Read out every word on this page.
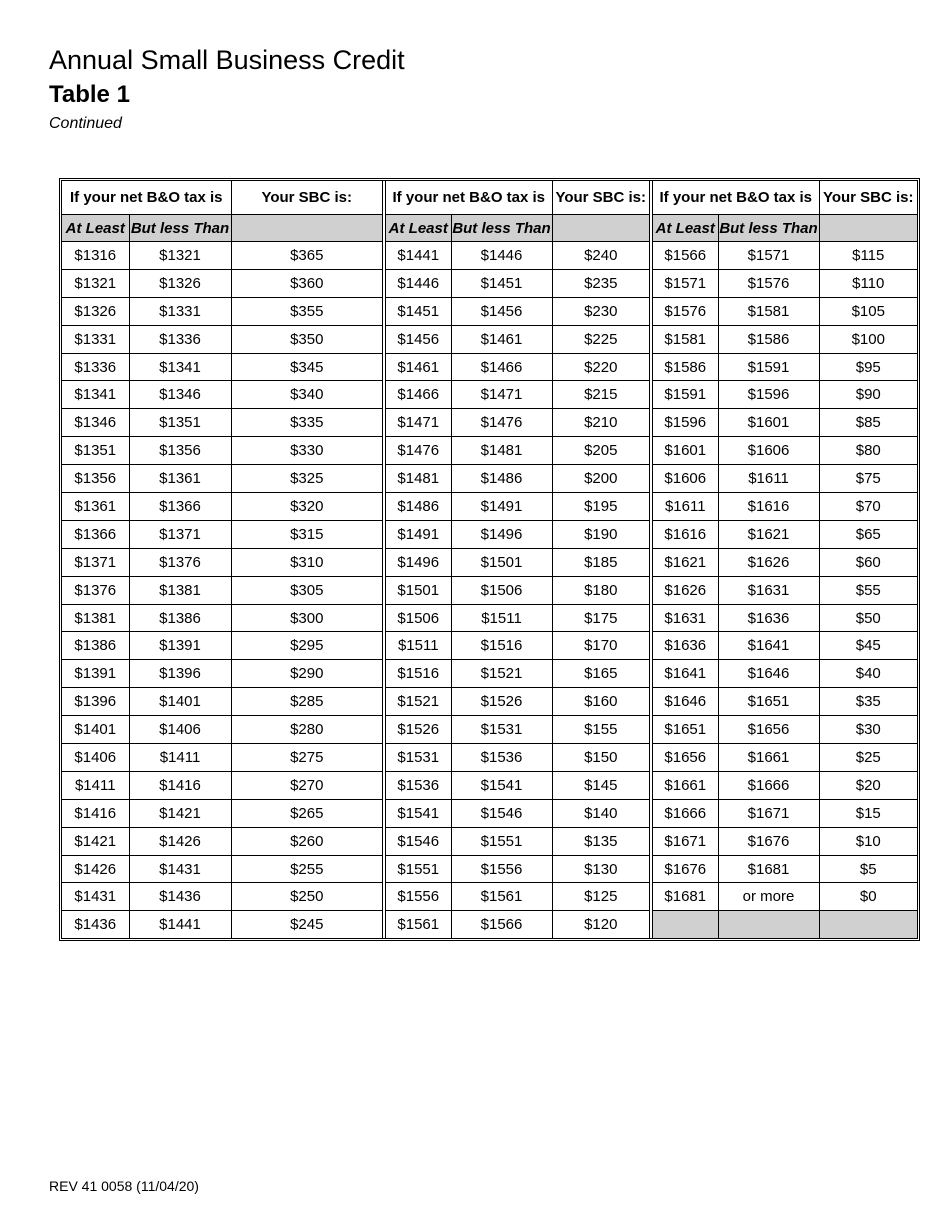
Annual Small Business Credit
Table 1

Continued

If your net B&O tax is		Your SBC is:	If your net B&O tax is		Your SBC is:	If your net B&O tax is		Your SBC is:
At Least	But less Than		At Least	But less Than		At Least	But less Than	
$1316	$1321	$365	$1441	$1446	$240	$1566	$1571	$115
$1321	$1326	$360	$1446	$1451	$235	$1571	$1576	$110
$1326	$1331	$355	$1451	$1456	$230	$1576	$1581	$105
$1331	$1336	$350	$1456	$1461	$225	$1581	$1586	$100
$1336	$1341	$345	$1461	$1466	$220	$1586	$1591	$95
$1341	$1346	$340	$1466	$1471	$215	$1591	$1596	$90
$1346	$1351	$335	$1471	$1476	$210	$1596	$1601	$85
$1351	$1356	$330	$1476	$1481	$205	$1601	$1606	$80
$1356	$1361	$325	$1481	$1486	$200	$1606	$1611	$75
$1361	$1366	$320	$1486	$1491	$195	$1611	$1616	$70
$1366	$1371	$315	$1491	$1496	$190	$1616	$1621	$65
$1371	$1376	$310	$1496	$1501	$185	$1621	$1626	$60
$1376	$1381	$305	$1501	$1506	$180	$1626	$1631	$55
$1381	$1386	$300	$1506	$1511	$175	$1631	$1636	$50
$1386	$1391	$295	$1511	$1516	$170	$1636	$1641	$45
$1391	$1396	$290	$1516	$1521	$165	$1641	$1646	$40
$1396	$1401	$285	$1521	$1526	$160	$1646	$1651	$35
$1401	$1406	$280	$1526	$1531	$155	$1651	$1656	$30
$1406	$1411	$275	$1531	$1536	$150	$1656	$1661	$25
$1411	$1416	$270	$1536	$1541	$145	$1661	$1666	$20
$1416	$1421	$265	$1541	$1546	$140	$1666	$1671	$15
$1421	$1426	$260	$1546	$1551	$135	$1671	$1676	$10
$1426	$1431	$255	$1551	$1556	$130	$1676	$1681	$5
$1431	$1436	$250	$1556	$1561	$125	$1681	or more	$0
$1436	$1441	$245	$1561	$1566	$120			

REV 41 0058 (11/04/20)
